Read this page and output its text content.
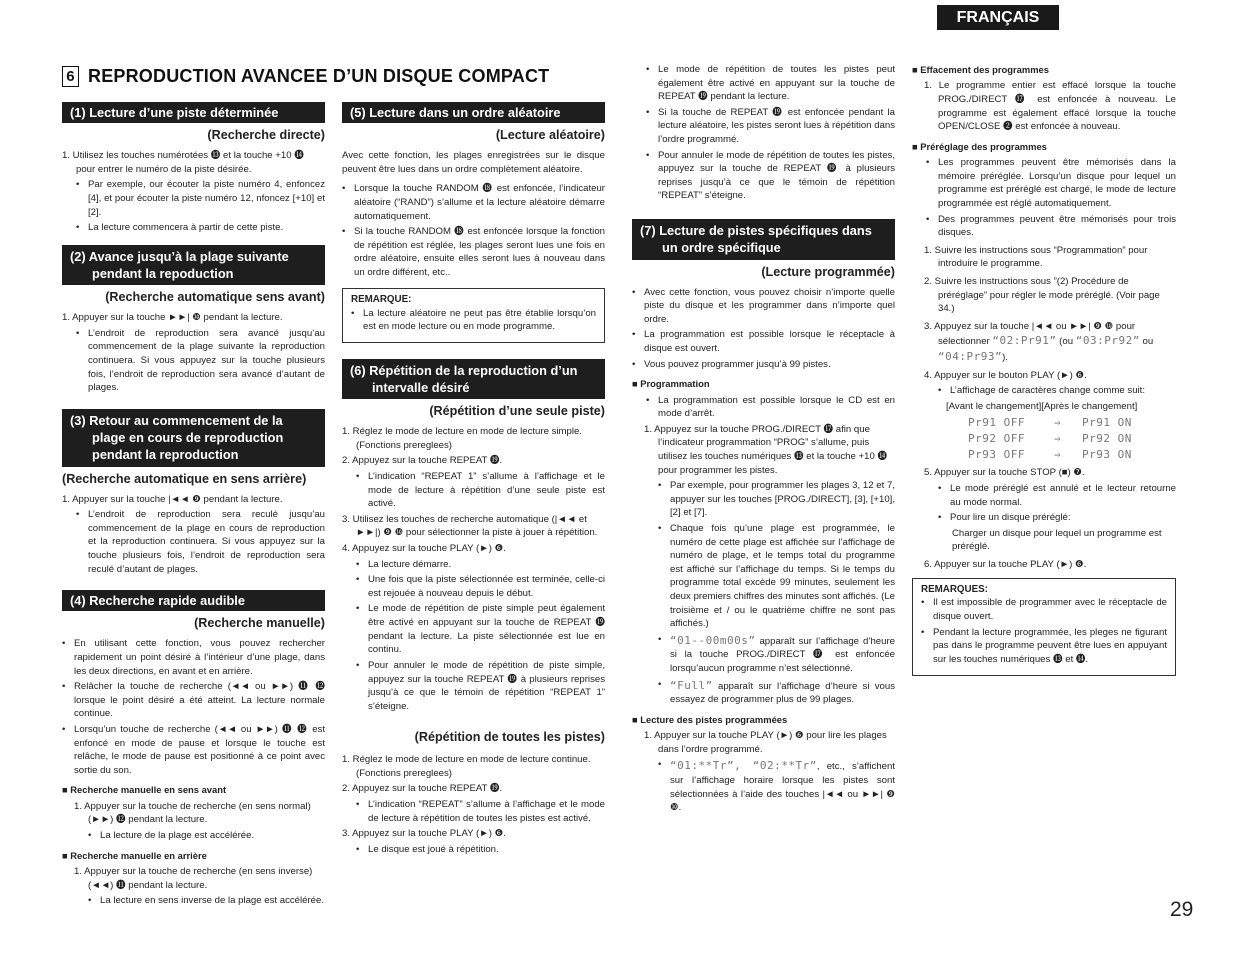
FRANÇAIS
6 REPRODUCTION AVANCEE D’UN DISQUE COMPACT
(1) Lecture d’une piste déterminée
(Recherche directe)
1. Utilisez les touches numérotées ⓭ et la touche +10 ⓮ pour entrer le numéro de la piste désirée.
• Par exemple, our écouter la piste numéro 4, enfoncez [4], et pour écouter la piste numéro 12, nfoncez [+10] et [2].
• La lecture commencera à partir de cette piste.
(2) Avance jusqu’à la plage suivante pendant la repoduction
(Recherche automatique sens avant)
1. Appuyer sur la touche ►►| ❿ pendant la lecture.
• L’endroit de reproduction sera avancé jusqu’au commencement de la plage suivante la reproduction continuera. Si vous appuyez sur la touche plusieurs fois, l’endroit de reproduction sera avancé d’autant de plages.
(3) Retour au commencement de la plage en cours de reproduction pendant la reproduction
(Recherche automatique en sens arrière)
1. Appuyer sur la touche |◄◄ ❾ pendant la lecture.
• L’endroit de reproduction sera reculé jusqu’au commencement de la plage en cours de reproduction et la reproduction continuera. Si vous appuyez sur la touche plusieurs fois, l’endroit de reproduction sera reculé d’autant de plages.
(4) Recherche rapide audible
(Recherche manuelle)
• En utilisant cette fonction, vous pouvez rechercher rapidement un point désiré à l’intérieur d’une plage, dans les deux directions, en avant et en arrière.
• Relâcher la touche de recherche (◄◄ ou ►►) ⓫ ⓬ lorsque le point désiré a été atteint. La lecture normale continue.
• Lorsqu’un touche de recherche (◄◄ ou ►►) ⓫ ⓬ est enfoncé en mode de pause et lorsque le touche est relâche, le mode de pause est positionné à ce point avec sortie du son.
■ Recherche manuelle en sens avant
1. Appuyer sur la touche de recherche (en sens normal) (►►) ⓬ pendant la lecture.
• La lecture de la plage est accélérée.
■ Recherche manuelle en arrière
1. Appuyer sur la touche de recherche (en sens inverse) (◄◄) ⓫ pendant la lecture.
• La lecture en sens inverse de la plage est accélérée.
(5) Lecture dans un ordre aléatoire
(Lecture aléatoire)
Avec cette fonction, les plages enregistrées sur le disque peuvent être lues dans un ordre complètement aléatoire.
• Lorsque la touche RANDOM ⓲ est enfoncée, l’indicateur aléatoire (“RAND”) s’allume et la lecture aléatoire démarre automatiquement.
• Si la touche RANDOM ⓲ est enfoncée lorsque la fonction de répétition est réglée, les plages seront lues une fois en ordre aléatoire, ensuite elles seront lues à nouveau dans un ordre différent, etc..
REMARQUE:
• La lecture aléatoire ne peut pas être établie lorsqu’on est en mode lecture ou en mode programme.
(6) Répétition de la reproduction d’un intervalle désiré
(Répétition d’une seule piste)
1. Réglez le mode de lecture en mode de lecture simple. (Fonctions prereglees)
2. Appuyez sur la touche REPEAT ⓳.
• L’indication “REPEAT 1” s’allume à l’affichage et le mode de lecture à répétition d’une seule piste est activé.
3. Utilisez les touches de recherche automatique (|◄◄ et ►►|) ❾ ❿ pour sélectionner la piste à jouer à répétition.
4. Appuyez sur la touche PLAY (►) ❻.
• La lecture démarre.
• Une fois que la piste sélectionnée est terminée, celle-ci est rejouée à nouveau depuis le début.
• Le mode de répétition de piste simple peut également être activé en appuyant sur la touche de REPEAT ⓳ pendant la lecture. La piste sélectionnée est lue en continu.
• Pour annuler le mode de répétition de piste simple, appuyez sur la touche REPEAT ⓳ à plusieurs reprises jusqu’à ce que le témoin de répétition “REPEAT 1” s’éteigne.
(Répétition de toutes les pistes)
1. Réglez le mode de lecture en mode de lecture continue. (Fonctions prereglees)
2. Appuyez sur la touche REPEAT ⓳.
• L’indication “REPEAT” s’allume à l’affichage et le mode de lecture à répétition de toutes les pistes est activé.
3. Appuyez sur la touche PLAY (►) ❻.
• Le disque est joué à répétition.
• Le mode de répétition de toutes les pistes peut également être activé en appuyant sur la touche de REPEAT ⓳ pendant la lecture.
• Si la touche de REPEAT ⓳ est enfoncée pendant la lecture aléatoire, les pistes seront lues à répétition dans l’ordre programmé.
• Pour annuler le mode de répétition de toutes les pistes, appuyez sur la touche de REPEAT ⓳ à plusieurs reprises jusqu’à ce que le témoin de répétition “REPEAT” s’éteigne.
(7) Lecture de pistes spécifiques dans un ordre spécifique
(Lecture programmée)
• Avec cette fonction, vous pouvez choisir n’importe quelle piste du disque et les programmer dans n’importe quel ordre.
• La programmation est possible lorsque le réceptacle à disque est ouvert.
• Vous pouvez programmer jusqu’à 99 pistes.
■ Programmation
• La programmation est possible lorsque le CD est en mode d’arrêt.
1. Appuyez sur la touche PROG./DIRECT ⓱ afin que l’indicateur programmation “PROG” s’allume, puis utilisez les touches numériques ⓭ et la touche +10 ⓮ pour programmer les pistes.
• Par exemple, pour programmer les plages 3, 12 et 7, appuyer sur les touches [PROG./DIRECT], [3], [+10], [2] et [7].
• Chaque fois qu’une plage est programmée, le numéro de cette plage est affichée sur l’affichage de numéro de plage, et le temps total du programme est affiché sur l’affichage du temps. Si le temps du programme total excède 99 minutes, seulement les deux premiers chiffres des minutes sont affichés. (Le troisième et / ou le quatrième chiffre ne sont pas affichés.)
• “01--00m00s” apparaît sur l’affichage d’heure si la touche PROG./DIRECT ⓱ est enfoncée lorsqu’aucun programme n’est sélectionné.
• “Full” apparaît sur l’affichage d’heure si vous essayez de programmer plus de 99 plages.
■ Lecture des pistes programmées
1. Appuyer sur la touche PLAY (►) ❻ pour lire les plages dans l’ordre programmé.
• “01:**Tr”, “02:**Tr”, etc., s’affichent sur l’affichage horaire lorsque les pistes sont sélectionnées à l’aide des touches |◄◄ ou ►►| ❾ ❿.
■ Effacement des programmes
1. Le programme entier est effacé lorsque la touche PROG./DIRECT ⓱ est enfoncée à nouveau. Le programme est également effacé lorsque la touche OPEN/CLOSE ❷ est enfoncée à nouveau.
■ Préréglage des programmes
• Les programmes peuvent être mémorisés dans la mémoire préréglée. Lorsqu’un disque pour lequel un programme est préréglé est chargé, le mode de lecture programmée est réglé automatiquement.
• Des programmes peuvent être mémorisés pour trois disques.
1. Suivre les instructions sous “Programmation” pour introduire le programme.
2. Suivre les instructions sous ”(2) Procédure de préréglage” pour régler le mode préréglé. (Voir page 34.)
3. Appuyez sur la touche |◄◄ ou ►►| ❾ ❿ pour sélectionner “02:Pr91” (ou “03:Pr92” ou “04:Pr93”).
4. Appuyer sur le bouton PLAY (►) ❻.
• L’affichage de caractères change comme suit:
[Avant le changement][Après le changement]
Pr91 OFF	⇒ Pr91 ON
Pr92 OFF	⇒ Pr92 ON
Pr93 OFF	⇒ Pr93 ON
5. Appuyer sur la touche STOP (■) ❼.
• Le mode préréglé est annulé et le lecteur retourne au mode normal.
• Pour lire un disque préréglé:
Charger un disque pour lequel un programme est préréglé.
6. Appuyer sur la touche PLAY (►) ❻.
REMARQUES:
• Il est impossible de programmer avec le réceptacle de disque ouvert.
• Pendant la lecture programmée, les pleges ne figurant pas dans le programme peuvent être lues en appuyant sur les touches numériques ⓭ et ⓮.
29
